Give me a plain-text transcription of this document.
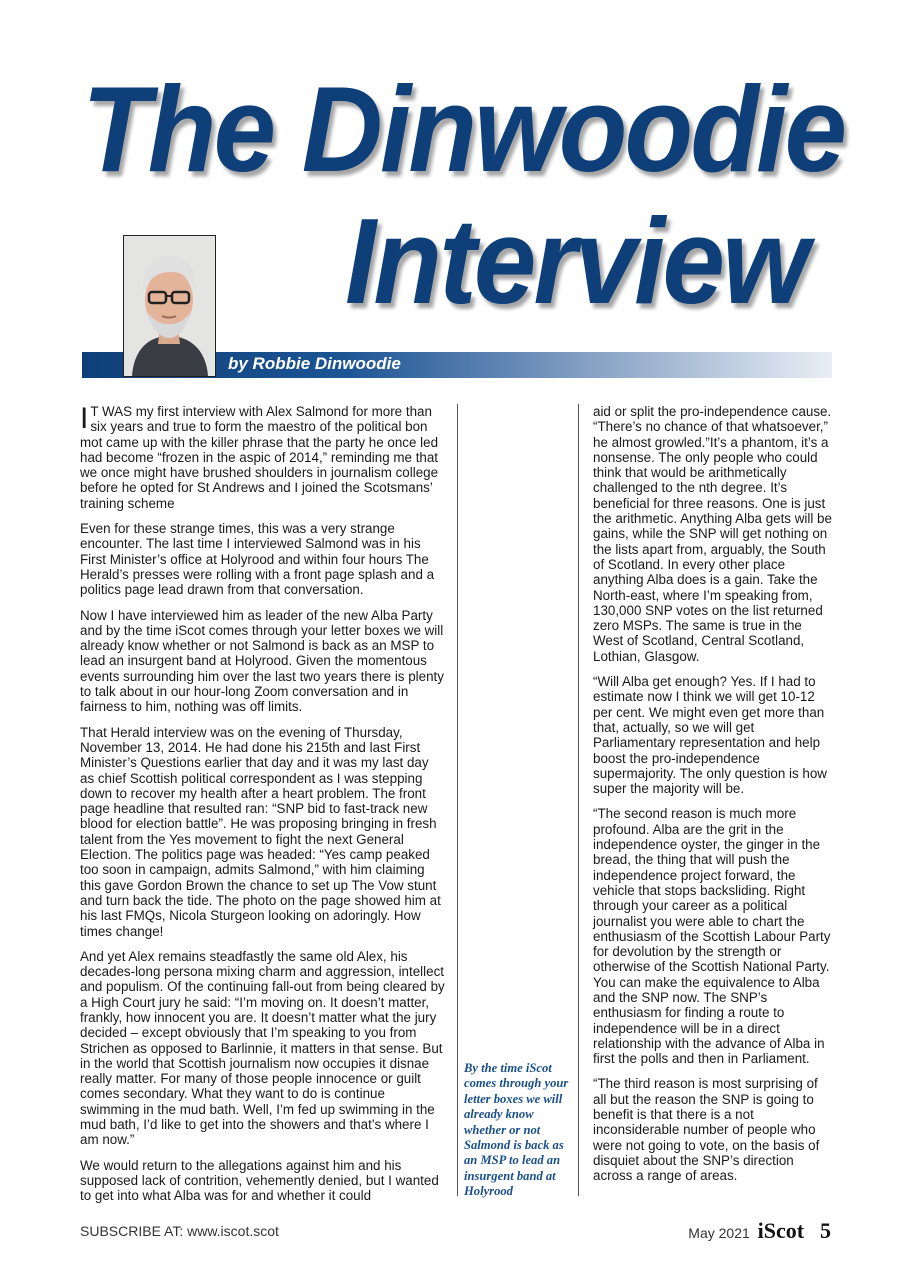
The Dinwoodie
Interview
by Robbie Dinwoodie

I T WAS my first interview with Alex Salmond for more than six years and true to form the maestro of the political bon mot came up with the killer phrase that the party he once led had become “frozen in the aspic of 2014,” reminding me that we once might have brushed shoulders in journalism college before he opted for St Andrews and I joined the Scotsmans’ training scheme

Even for these strange times, this was a very strange encounter. The last time I interviewed Salmond was in his First Minister’s office at Holyrood and within four hours The Herald’s presses were rolling with a front page splash and a politics page lead drawn from that conversation.

Now I have interviewed him as leader of the new Alba Party and by the time iScot comes through your letter boxes we will already know whether or not Salmond is back as an MSP to lead an insurgent band at Holyrood. Given the momentous events surrounding him over the last two years there is plenty to talk about in our hour-long Zoom conversation and in fairness to him, nothing was off limits.

That Herald interview was on the evening of Thursday, November 13, 2014. He had done his 215th and last First Minister’s Questions earlier that day and it was my last day as chief Scottish political correspondent as I was stepping down to recover my health after a heart problem. The front page headline that resulted ran: “SNP bid to fast-track new blood for election battle”. He was proposing bringing in fresh talent from the Yes movement to fight the next General Election. The politics page was headed: “Yes camp peaked too soon in campaign, admits Salmond,” with him claiming this gave Gordon Brown the chance to set up The Vow stunt and turn back the tide. The photo on the page showed him at his last FMQs, Nicola Sturgeon looking on adoringly. How times change!

And yet Alex remains steadfastly the same old Alex, his decades-long persona mixing charm and aggression, intellect and populism. Of the continuing fall-out from being cleared by a High Court jury he said: “I’m moving on. It doesn’t matter, frankly, how innocent you are. It doesn’t matter what the jury decided – except obviously that I’m speaking to you from Strichen as opposed to Barlinnie, it matters in that sense. But in the world that Scottish journalism now occupies it disnae really matter. For many of those people innocence or guilt comes secondary. What they want to do is continue swimming in the mud bath. Well, I’m fed up swimming in the mud bath, I’d like to get into the showers and that’s where I am now.”

We would return to the allegations against him and his supposed lack of contrition, vehemently denied, but I wanted to get into what Alba was for and whether it could

By the time iScot comes through your letter boxes we will already know whether or not Salmond is back as an MSP to lead an insurgent band at Holyrood

aid or split the pro-independence cause. “There’s no chance of that whatsoever,” he almost growled.”It’s a phantom, it’s a nonsense. The only people who could think that would be arithmetically challenged to the nth degree. It’s beneficial for three reasons. One is just the arithmetic. Anything Alba gets will be gains, while the SNP will get nothing on the lists apart from, arguably, the South of Scotland. In every other place anything Alba does is a gain. Take the North-east, where I’m speaking from, 130,000 SNP votes on the list returned zero MSPs. The same is true in the West of Scotland, Central Scotland, Lothian, Glasgow.

“Will Alba get enough? Yes. If I had to estimate now I think we will get 10-12 per cent. We might even get more than that, actually, so we will get Parliamentary representation and help boost the pro-independence supermajority. The only question is how super the majority will be.

“The second reason is much more profound. Alba are the grit in the independence oyster, the ginger in the bread, the thing that will push the independence project forward, the vehicle that stops backsliding. Right through your career as a political journalist you were able to chart the enthusiasm of the Scottish Labour Party for devolution by the strength or otherwise of the Scottish National Party. You can make the equivalence to Alba and the SNP now. The SNP’s enthusiasm for finding a route to independence will be in a direct relationship with the advance of Alba in first the polls and then in Parliament.

“The third reason is most surprising of all but the reason the SNP is going to benefit is that there is a not inconsiderable number of people who were not going to vote, on the basis of disquiet about the SNP’s direction across a range of areas.

SUBSCRIBE AT: www.iscot.scot	May 2021 iScot 5
